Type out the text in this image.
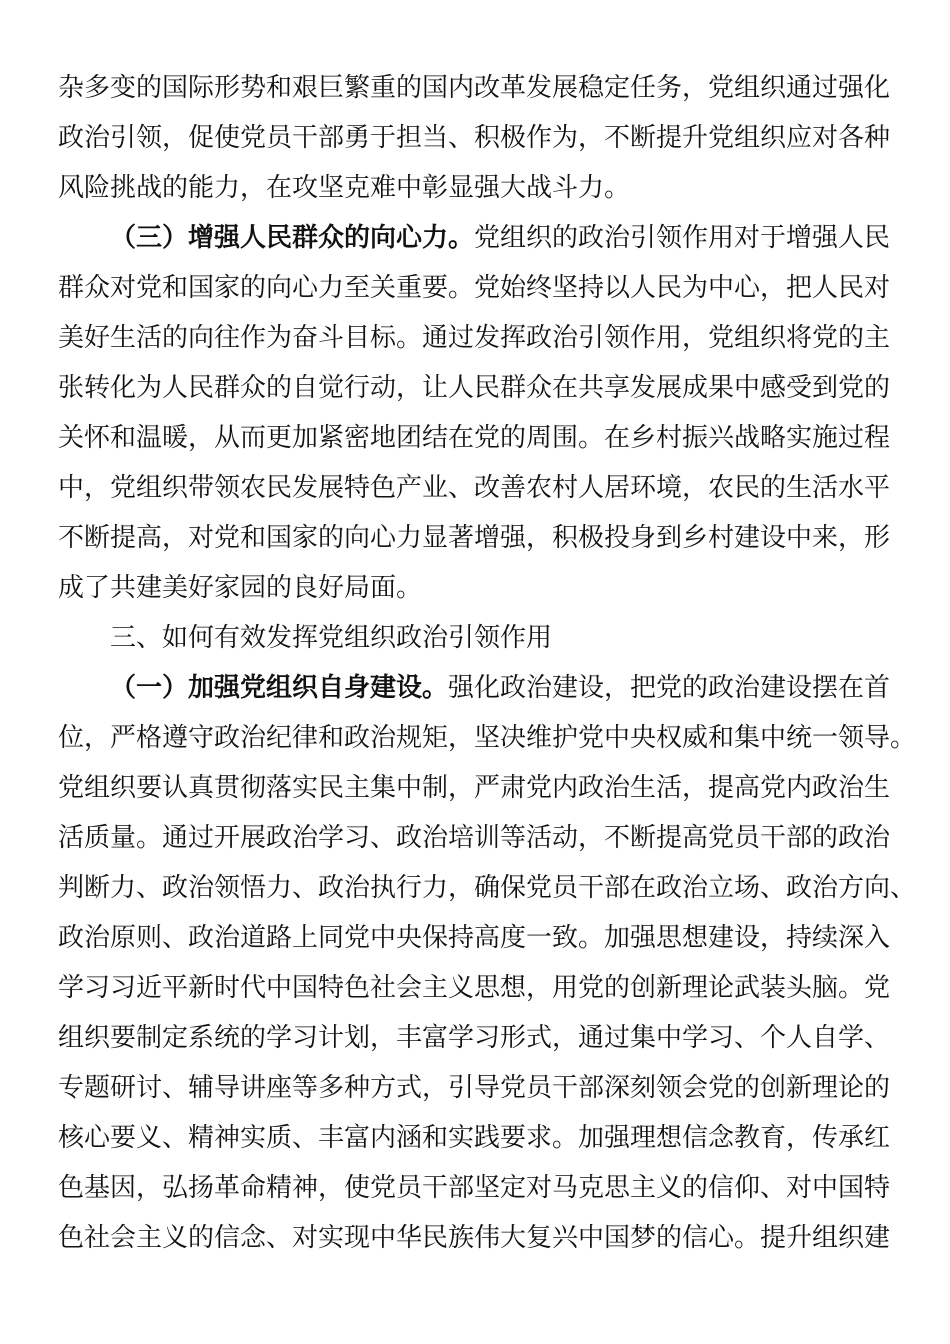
杂多变的国际形势和艰巨繁重的国内改革发展稳定任务，党组织通过强化
政治引领，促使党员干部勇于担当、积极作为，不断提升党组织应对各种
风险挑战的能力，在攻坚克难中彰显强大战斗力。
（三）增强人民群众的向心力。党组织的政治引领作用对于增强人民
群众对党和国家的向心力至关重要。党始终坚持以人民为中心，把人民对
美好生活的向往作为奋斗目标。通过发挥政治引领作用，党组织将党的主
张转化为人民群众的自觉行动，让人民群众在共享发展成果中感受到党的
关怀和温暖，从而更加紧密地团结在党的周围。在乡村振兴战略实施过程
中，党组织带领农民发展特色产业、改善农村人居环境，农民的生活水平
不断提高，对党和国家的向心力显著增强，积极投身到乡村建设中来，形
成了共建美好家园的良好局面。
三、如何有效发挥党组织政治引领作用
（一）加强党组织自身建设。强化政治建设，把党的政治建设摆在首
位，严格遵守政治纪律和政治规矩，坚决维护党中央权威和集中统一领导。
党组织要认真贯彻落实民主集中制，严肃党内政治生活，提高党内政治生
活质量。通过开展政治学习、政治培训等活动，不断提高党员干部的政治
判断力、政治领悟力、政治执行力，确保党员干部在政治立场、政治方向、
政治原则、政治道路上同党中央保持高度一致。加强思想建设，持续深入
学习习近平新时代中国特色社会主义思想，用党的创新理论武装头脑。党
组织要制定系统的学习计划，丰富学习形式，通过集中学习、个人自学、
专题研讨、辅导讲座等多种方式，引导党员干部深刻领会党的创新理论的
核心要义、精神实质、丰富内涵和实践要求。加强理想信念教育，传承红
色基因，弘扬革命精神，使党员干部坚定对马克思主义的信仰、对中国特
色社会主义的信念、对实现中华民族伟大复兴中国梦的信心。提升组织建
